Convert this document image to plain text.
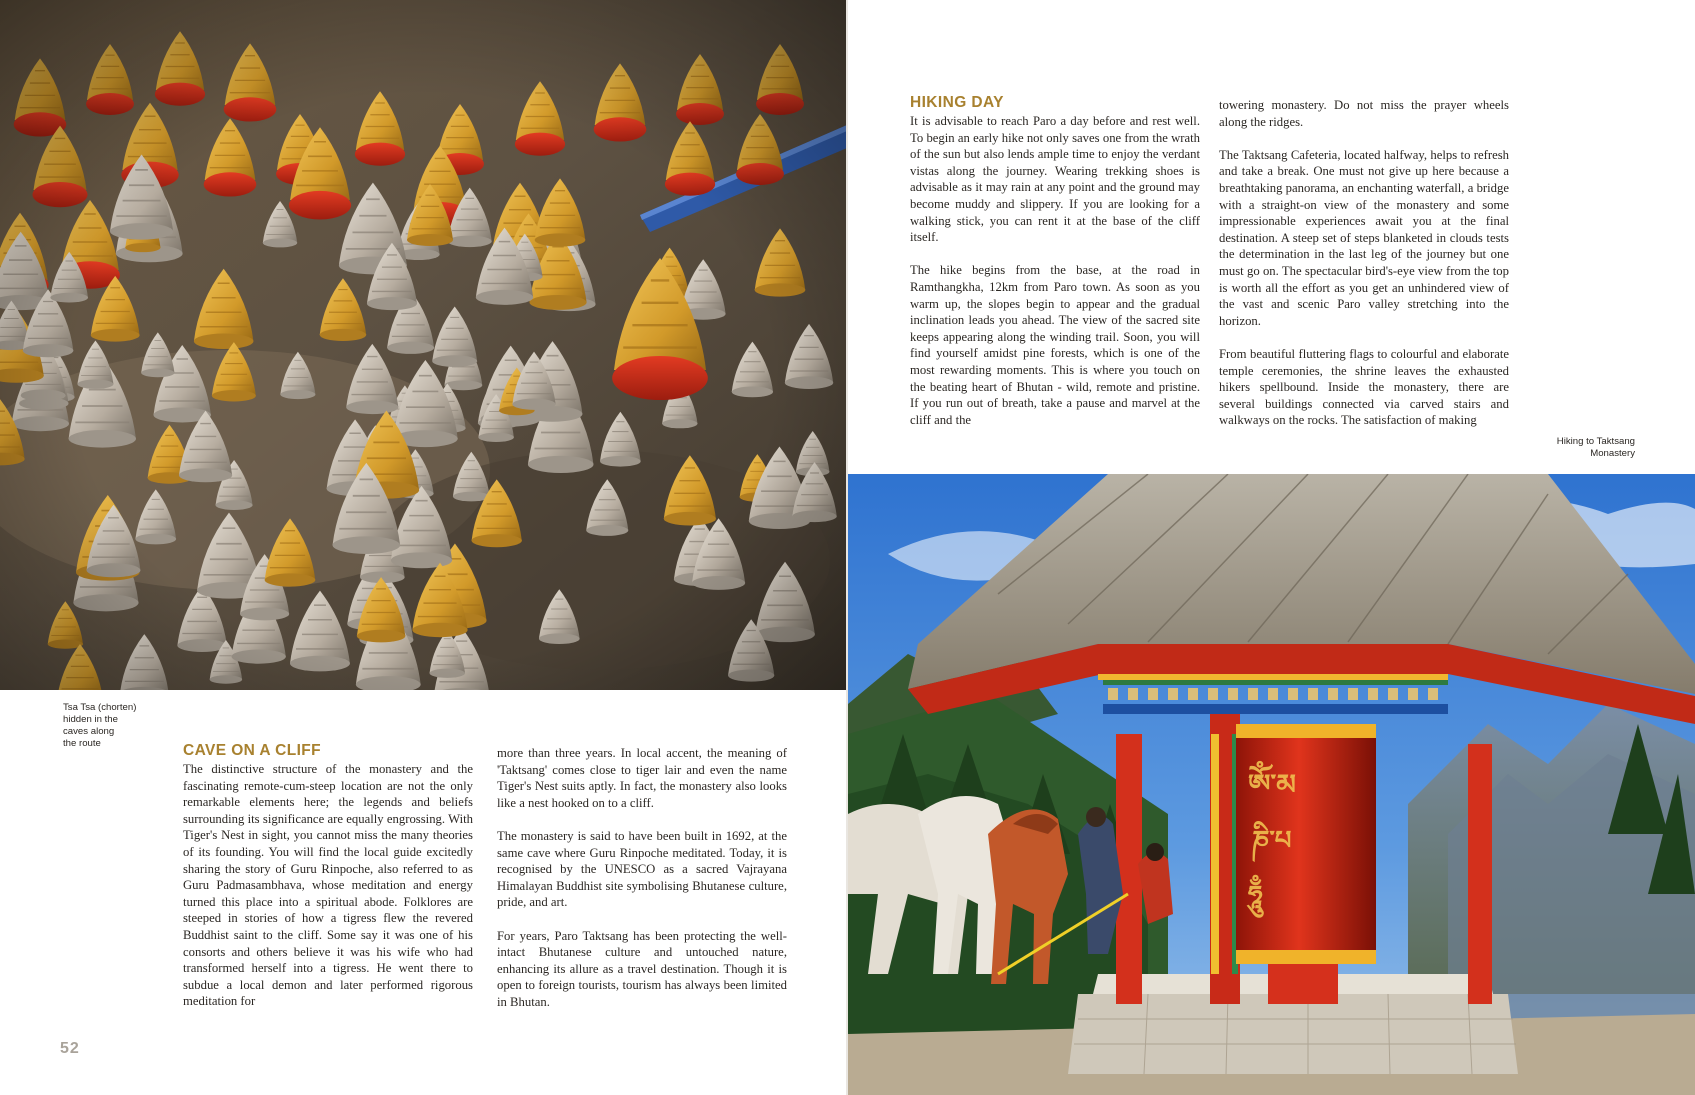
ཨོཾ་མ
ཎི་པ
ཧཱུྃ
HIKING DAY

It is advisable to reach Paro a day before and rest well. To begin an early hike not only saves one from the wrath of the sun but also lends ample time to enjoy the verdant vistas along the journey. Wearing trekking shoes is advisable as it may rain at any point and the ground may become muddy and slippery. If you are looking for a walking stick, you can rent it at the base of the cliff itself.

The hike begins from the base, at the road in Ramthangkha, 12km from Paro town. As soon as you warm up, the slopes begin to appear and the gradual inclination leads you ahead. The view of the sacred site keeps appearing along the winding trail. Soon, you will find yourself amidst pine forests, which is one of the most rewarding moments. This is where you touch on the beating heart of Bhutan - wild, remote and pristine. If you run out of breath, take a pause and marvel at the cliff and the

towering monastery. Do not miss the prayer wheels along the ridges.

The Taktsang Cafeteria, located halfway, helps to refresh and take a break. One must not give up here because a breathtaking panorama, an enchanting waterfall, a bridge with a straight-on view of the monastery and some impressionable experiences await you at the final destination. A steep set of steps blanketed in clouds tests the determination in the last leg of the journey but one must go on. The spectacular bird's-eye view from the top is worth all the effort as you get an unhindered view of the vast and scenic Paro valley stretching into the horizon.

From beautiful fluttering flags to colourful and elaborate temple ceremonies, the shrine leaves the exhausted hikers spellbound. Inside the monastery, there are several buildings connected via carved stairs and walkways on the rocks. The satisfaction of making

Hiking to Taktsang
Monastery
Tsa Tsa (chorten)
hidden in the
caves along
the route	CAVE ON A CLIFF

The distinctive structure of the monastery and the fascinating remote-cum-steep location are not the only remarkable elements here; the legends and beliefs surrounding its significance are equally engrossing. With Tiger's Nest in sight, you cannot miss the many theories of its founding. You will find the local guide excitedly sharing the story of Guru Rinpoche, also referred to as Guru Padmasambhava, whose meditation and energy turned this place into a spiritual abode. Folklores are steeped in stories of how a tigress flew the revered Buddhist saint to the cliff. Some say it was one of his consorts and others believe it was his wife who had transformed herself into a tigress. He went there to subdue a local demon and later performed rigorous meditation for

more than three years. In local accent, the meaning of 'Taktsang' comes close to tiger lair and even the name Tiger's Nest suits aptly. In fact, the monastery also looks like a nest hooked on to a cliff.

The monastery is said to have been built in 1692, at the same cave where Guru Rinpoche meditated. Today, it is recognised by the UNESCO as a sacred Vajrayana Himalayan Buddhist site symbolising Bhutanese culture, pride, and art.

For years, Paro Taktsang has been protecting the well-intact Bhutanese culture and untouched nature, enhancing its allure as a travel destination. Though it is open to foreign tourists, tourism has always been limited in Bhutan.

52
